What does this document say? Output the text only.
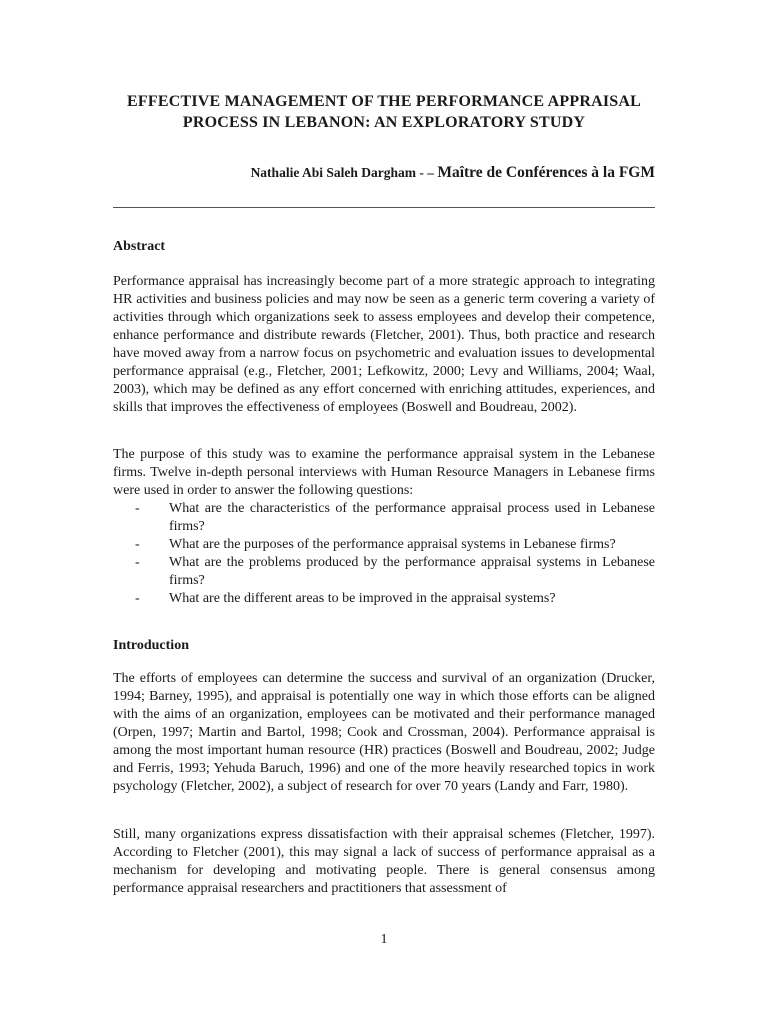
EFFECTIVE MANAGEMENT OF THE PERFORMANCE APPRAISAL PROCESS IN LEBANON: AN EXPLORATORY STUDY
Nathalie Abi Saleh Dargham - – Maître de Conférences à la FGM
Abstract
Performance appraisal has increasingly become part of a more strategic approach to integrating HR activities and business policies and may now be seen as a generic term covering a variety of activities through which organizations seek to assess employees and develop their competence, enhance performance and distribute rewards (Fletcher, 2001). Thus, both practice and research have moved away from a narrow focus on psychometric and evaluation issues to developmental performance appraisal (e.g., Fletcher, 2001; Lefkowitz, 2000; Levy and Williams, 2004; Waal, 2003), which may be defined as any effort concerned with enriching attitudes, experiences, and skills that improves the effectiveness of employees (Boswell and Boudreau, 2002).
The purpose of this study was to examine the performance appraisal system in the Lebanese firms. Twelve in-depth personal interviews with Human Resource Managers in Lebanese firms were used in order to answer the following questions:
-	What are the characteristics of the performance appraisal process used in Lebanese firms?
-	What are the purposes of the performance appraisal systems in Lebanese firms?
-	What are the problems produced by the performance appraisal systems in Lebanese firms?
-	What are the different areas to be improved in the appraisal systems?
Introduction
The efforts of employees can determine the success and survival of an organization (Drucker, 1994; Barney, 1995), and appraisal is potentially one way in which those efforts can be aligned with the aims of an organization, employees can be motivated and their performance managed (Orpen, 1997; Martin and Bartol, 1998; Cook and Crossman, 2004). Performance appraisal is among the most important human resource (HR) practices (Boswell and Boudreau, 2002; Judge and Ferris, 1993; Yehuda Baruch, 1996) and one of the more heavily researched topics in work psychology (Fletcher, 2002), a subject of research for over 70 years (Landy and Farr, 1980).
Still, many organizations express dissatisfaction with their appraisal schemes (Fletcher, 1997). According to Fletcher (2001), this may signal a lack of success of performance appraisal as a mechanism for developing and motivating people. There is general consensus among performance appraisal researchers and practitioners that assessment of
1
